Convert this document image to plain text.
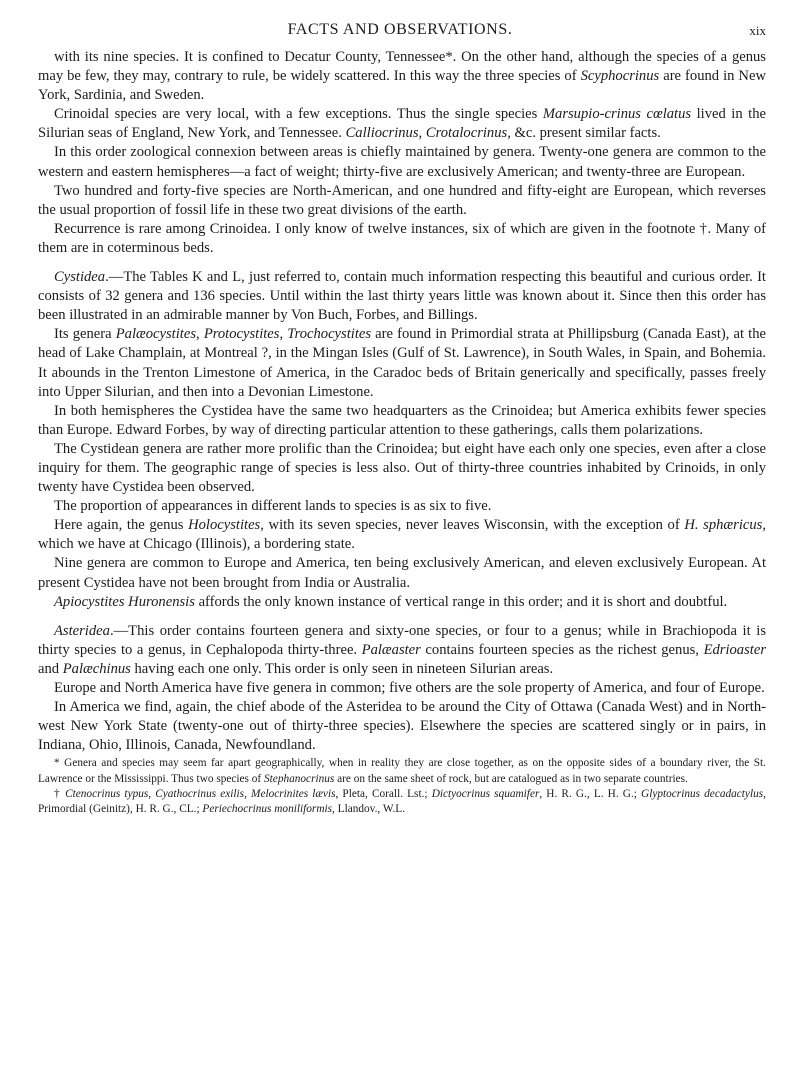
FACTS AND OBSERVATIONS.	xix

with its nine species. It is confined to Decatur County, Tennessee*. On the other hand, although the species of a genus may be few, they may, contrary to rule, be widely scattered. In this way the three species of Scyphocrinus are found in New York, Sardinia, and Sweden.

Crinoidal species are very local, with a few exceptions. Thus the single species Marsupio-crinus cœlatus lived in the Silurian seas of England, New York, and Tennessee. Calliocrinus, Crotalocrinus, &c. present similar facts.

In this order zoological connexion between areas is chiefly maintained by genera. Twenty-one genera are common to the western and eastern hemispheres—a fact of weight; thirty-five are exclusively American; and twenty-three are European.

Two hundred and forty-five species are North-American, and one hundred and fifty-eight are European, which reverses the usual proportion of fossil life in these two great divisions of the earth.

Recurrence is rare among Crinoidea. I only know of twelve instances, six of which are given in the footnote †. Many of them are in coterminous beds.

Cystidea.—The Tables K and L, just referred to, contain much information respecting this beautiful and curious order. It consists of 32 genera and 136 species. Until within the last thirty years little was known about it. Since then this order has been illustrated in an admirable manner by Von Buch, Forbes, and Billings.

Its genera Palæocystites, Protocystites, Trochocystites are found in Primordial strata at Phillipsburg (Canada East), at the head of Lake Champlain, at Montreal ?, in the Mingan Isles (Gulf of St. Lawrence), in South Wales, in Spain, and Bohemia. It abounds in the Trenton Limestone of America, in the Caradoc beds of Britain generically and specifically, passes freely into Upper Silurian, and then into a Devonian Limestone.

In both hemispheres the Cystidea have the same two headquarters as the Crinoidea; but America exhibits fewer species than Europe. Edward Forbes, by way of directing particular attention to these gatherings, calls them polarizations.

The Cystidean genera are rather more prolific than the Crinoidea; but eight have each only one species, even after a close inquiry for them. The geographic range of species is less also. Out of thirty-three countries inhabited by Crinoids, in only twenty have Cystidea been observed.

The proportion of appearances in different lands to species is as six to five.

Here again, the genus Holocystites, with its seven species, never leaves Wisconsin, with the exception of H. sphæricus, which we have at Chicago (Illinois), a bordering state.

Nine genera are common to Europe and America, ten being exclusively American, and eleven exclusively European. At present Cystidea have not been brought from India or Australia.

Apiocystites Huronensis affords the only known instance of vertical range in this order; and it is short and doubtful.

Asteridea.—This order contains fourteen genera and sixty-one species, or four to a genus; while in Brachiopoda it is thirty species to a genus, in Cephalopoda thirty-three. Palæaster contains fourteen species as the richest genus, Edrioaster and Palæchinus having each one only. This order is only seen in nineteen Silurian areas.

Europe and North America have five genera in common; five others are the sole property of America, and four of Europe.

In America we find, again, the chief abode of the Asteridea to be around the City of Ottawa (Canada West) and in North-west New York State (twenty-one out of thirty-three species). Elsewhere the species are scattered singly or in pairs, in Indiana, Ohio, Illinois, Canada, Newfoundland.

* Genera and species may seem far apart geographically, when in reality they are close together, as on the opposite sides of a boundary river, the St. Lawrence or the Mississippi. Thus two species of Stephanocrinus are on the same sheet of rock, but are catalogued as in two separate countries.

† Ctenocrinus typus, Cyathocrinus exilis, Melocrinites lævis, Pleta, Corall. Lst.; Dictyocrinus squamifer, H. R. G., L. H. G.; Glyptocrinus decadactylus, Primordial (Geinitz), H. R. G., CL.; Periechocrinus moniliformis, Llandov., W.L.
